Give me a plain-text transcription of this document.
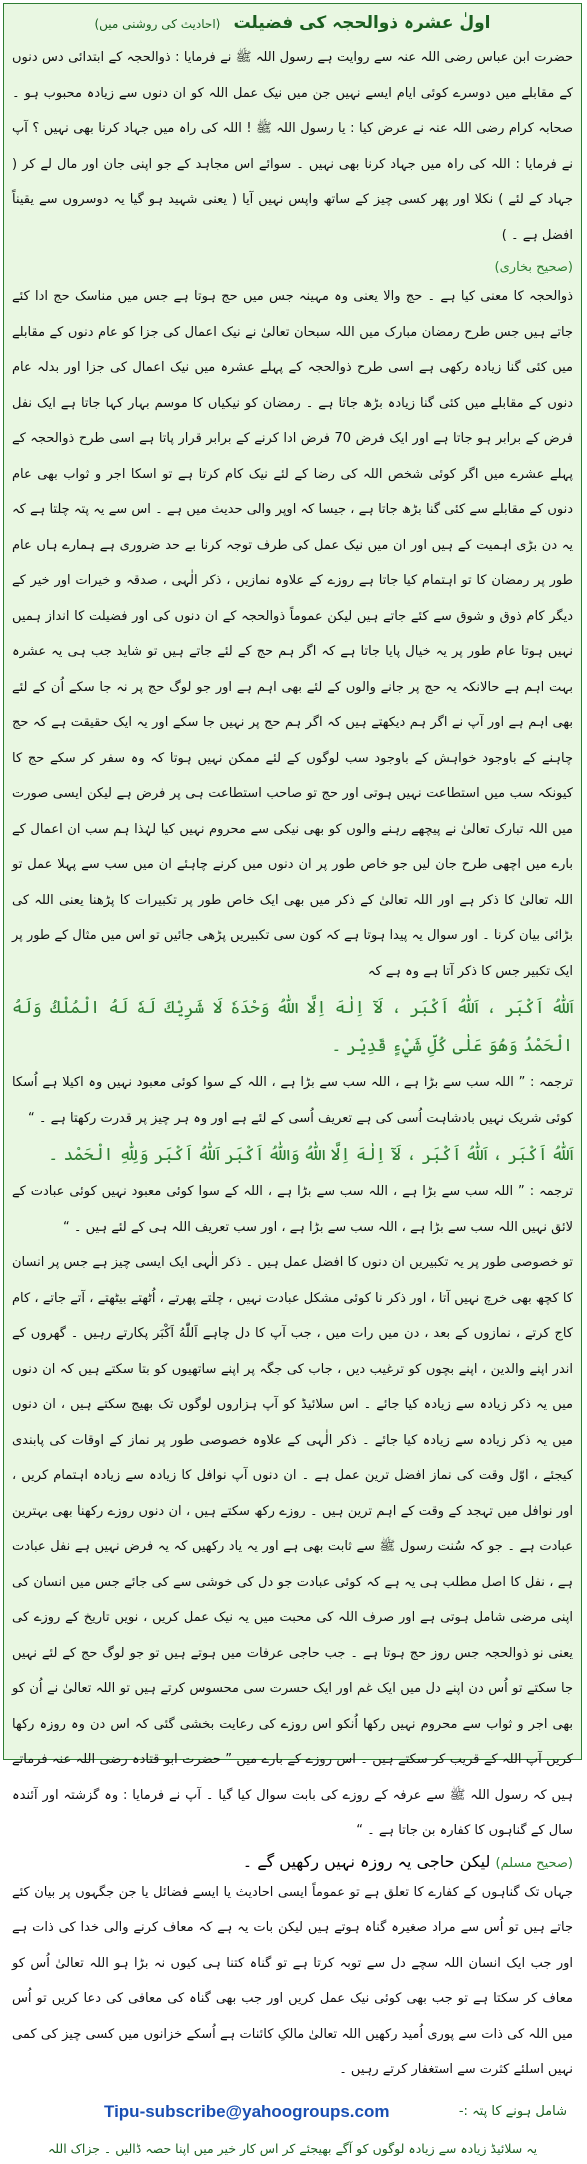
اولٰ عشرہ ذوالحجہ کی فضیلت (احادیث کی روشنی میں)

حضرت ابن عباس رضی اللہ عنہ سے روایت ہے رسول اللہ ﷺ نے فرمایا : ذوالحجہ کے ابتدائی دس دنوں کے مقابلے میں دوسرے کوئی ایام ایسے نہیں جن میں نیک عمل اللہ کو ان دنوں سے زیادہ محبوب ہو ۔ صحابہ کرام رضی اللہ عنہ نے عرض کیا : یا رسول اللہ ﷺ ! اللہ کی راہ میں جہاد کرنا بھی نہیں ؟ آپ نے فرمایا : اللہ کی راہ میں جہاد کرنا بھی نہیں ۔ سوائے اس مجاہد کے جو اپنی جان اور مال لے کر ( جہاد کے لئے ) نکلا اور پھر کسی چیز کے ساتھ واپس نہیں آیا ( یعنی شہید ہو گیا یہ دوسروں سے یقیناً افضل ہے ۔ )

(صحیح بخاری)

ذوالحجہ کا معنی کیا ہے ۔ حج والا یعنی وہ مہینہ جس میں حج ہوتا ہے جس میں مناسک حج ادا کئے جاتے ہیں جس طرح رمضان مبارک میں اللہ سبحان تعالیٰ نے نیک اعمال کی جزا کو عام دنوں کے مقابلے میں کئی گنا زیادہ رکھی ہے اسی طرح ذوالحجہ کے پہلے عشرہ میں نیک اعمال کی جزا اور بدلہ عام دنوں کے مقابلے میں کئی گنا زیادہ بڑھ جاتا ہے ۔ رمضان کو نیکیاں کا موسم بہار کہا جاتا ہے ایک نفل فرض کے برابر ہو جاتا ہے اور ایک فرض 70 فرض ادا کرنے کے برابر قرار پاتا ہے اسی طرح ذوالحجہ کے پہلے عشرے میں اگر کوئی شخص اللہ کی رضا کے لئے نیک کام کرتا ہے تو اسکا اجر و ثواب بھی عام دنوں کے مقابلے سے کئی گنا بڑھ جاتا ہے ، جیسا کہ اوپر والی حدیث میں ہے ۔ اس سے یہ پتہ چلتا ہے کہ یہ دن بڑی اہمیت کے ہیں اور ان میں نیک عمل کی طرف توجہ کرنا بے حد ضروری ہے ہمارے ہاں عام طور پر رمضان کا تو اہتمام کیا جاتا ہے روزے کے علاوہ نمازیں ، ذکر الٰہی ، صدقہ و خیرات اور خیر کے دیگر کام ذوق و شوق سے کئے جاتے ہیں لیکن عموماً ذوالحجہ کے ان دنوں کی اور فضیلت کا انداز ہمیں نہیں ہوتا عام طور پر یہ خیال پایا جاتا ہے کہ اگر ہم حج کے لئے جاتے ہیں تو شاید جب ہی یہ عشرہ بہت اہم ہے حالانکہ یہ حج پر جانے والوں کے لئے بھی اہم ہے اور جو لوگ حج پر نہ جا سکے اُن کے لئے بھی اہم ہے اور آپ نے اگر ہم دیکھتے ہیں کہ اگر ہم حج پر نہیں جا سکے اور یہ ایک حقیقت ہے کہ حج چاہنے کے باوجود خواہش کے باوجود سب لوگوں کے لئے ممکن نہیں ہوتا کہ وہ سفر کر سکے حج کا کیونکہ سب میں استطاعت نہیں ہوتی اور حج تو صاحب استطاعت ہی پر فرض ہے لیکن ایسی صورت میں اللہ تبارک تعالیٰ نے پیچھے رہنے والوں کو بھی نیکی سے محروم نہیں کیا لہٰذا ہم سب ان اعمال کے بارے میں اچھی طرح جان لیں جو خاص طور پر ان دنوں میں کرنے چاہئے ان میں سب سے پہلا عمل تو اللہ تعالیٰ کا ذکر ہے اور اللہ تعالیٰ کے ذکر میں بھی ایک خاص طور پر تکبیرات کا پڑھنا یعنی اللہ کی بڑائی بیان کرنا ۔ اور سوال یہ پیدا ہوتا ہے کہ کون سی تکبیریں پڑھی جائیں تو اس میں مثال کے طور پر ایک تکبیر جس کا ذکر آتا ہے وہ ہے کہ

اَللّٰهُ اَكْبَر ، اَللّٰهُ اَكْبَر ، لَآ اِلٰهَ اِلَّا اللّٰهُ وَحْدَهٗ لَا شَرِيْكَ لَهٗ لَهُ الْمُلْكُ وَلَهُ الْحَمْدُ وَهُوَ عَلٰى كُلِّ شَيْءٍ قَدِيْر ۔

ترجمہ : ” اللہ سب سے بڑا ہے ، اللہ سب سے بڑا ہے ، اللہ کے سوا کوئی معبود نہیں وہ اکیلا ہے اُسکا کوئی شریک نہیں بادشاہت اُسی کی ہے تعریف اُسی کے لئے ہے اور وہ ہر چیز پر قدرت رکھتا ہے ۔ “

اَللّٰهُ اَكْبَر ، اَللّٰهُ اَكْبَر ، لَآ اِلٰهَ اِلَّا اللّٰهُ وَاللّٰهُ اَكْبَر اَللّٰهُ اَكْبَر وَلِلّٰهِ الْحَمْد ۔

ترجمہ : ” اللہ سب سے بڑا ہے ، اللہ سب سے بڑا ہے ، اللہ کے سوا کوئی معبود نہیں کوئی عبادت کے لائق نہیں اللہ سب سے بڑا ہے ، اللہ سب سے بڑا ہے ، اور سب تعریف اللہ ہی کے لئے ہیں ۔ “

تو خصوصی طور پر یہ تکبیریں ان دنوں کا افضل عمل ہیں ۔ ذکر الٰہی ایک ایسی چیز ہے جس پر انسان کا کچھ بھی خرچ نہیں آتا ، اور ذکر نا کوئی مشکل عبادت نہیں ، چلتے پھرتے ، اُٹھتے بیٹھتے ، آتے جاتے ، کام کاج کرتے ، نمازوں کے بعد ، دن میں رات میں ، جب آپ کا دل چاہے اَللّٰهُ اَكْبَر پکارتے رہیں ۔ گھروں کے اندر اپنے والدین ، اپنے بچوں کو ترغیب دیں ، جاب کی جگہ پر اپنے ساتھیوں کو بتا سکتے ہیں کہ ان دنوں میں یہ ذکر زیادہ سے زیادہ کیا جائے ۔ اس سلائیڈ کو آپ ہزاروں لوگوں تک بھیج سکتے ہیں ، ان دنوں میں یہ ذکر زیادہ سے زیادہ کیا جائے ۔ ذکر الٰہی کے علاوہ خصوصی طور پر نماز کے اوقات کی پابندی کیجئے ، اوّل وقت کی نماز افضل ترین عمل ہے ۔ ان دنوں آپ نوافل کا زیادہ سے زیادہ اہتمام کریں ، اور نوافل میں تہجد کے وقت کے اہم ترین ہیں ۔ روزے رکھ سکتے ہیں ، ان دنوں روزے رکھنا بھی بہترین عبادت ہے ۔ جو کہ سُنت رسول ﷺ سے ثابت بھی ہے اور یہ یاد رکھیں کہ یہ فرض نہیں ہے نفل عبادت ہے ، نفل کا اصل مطلب ہی یہ ہے کہ کوئی عبادت جو دل کی خوشی سے کی جائے جس میں انسان کی اپنی مرضی شامل ہوتی ہے اور صرف اللہ کی محبت میں یہ نیک عمل کریں ، نویں تاریخ کے روزے کی یعنی نو ذوالحجہ جس روز حج ہوتا ہے ۔ جب حاجی عرفات میں ہوتے ہیں تو جو لوگ حج کے لئے نہیں جا سکتے تو اُس دن اپنے دل میں ایک غم اور ایک حسرت سی محسوس کرتے ہیں تو اللہ تعالیٰ نے اُن کو بھی اجر و ثواب سے محروم نہیں رکھا اُنکو اس روزے کی رعایت بخشی گئی کہ اس دن وہ روزہ رکھا کریں آپ اللہ کے قریب کر سکتے ہیں ۔ اس روزے کے بارے میں ” حضرت ابو قتادہ رضی اللہ عنہ فرماتے ہیں کہ رسول اللہ ﷺ سے عرفہ کے روزے کی بابت سوال کیا گیا ۔ آپ نے فرمایا : وہ گزشتہ اور آئندہ سال کے گناہوں کا کفارہ بن جاتا ہے ۔ “

(صحیح مسلم) لیکن حاجی یہ روزہ نہیں رکھیں گے ۔

جہاں تک گناہوں کے کفارے کا تعلق ہے تو عموماً ایسی احادیث یا ایسے فضائل یا جن جگہوں پر بیان کئے جاتے ہیں تو اُس سے مراد صغیرہ گناہ ہوتے ہیں لیکن بات یہ ہے کہ معاف کرنے والی خدا کی ذات ہے اور جب ایک انسان اللہ سچے دل سے توبہ کرتا ہے تو گناہ کتنا ہی کیوں نہ بڑا ہو اللہ تعالیٰ اُس کو معاف کر سکتا ہے تو جب بھی کوئی نیک عمل کریں اور جب بھی گناہ کی معافی کی دعا کریں تو اُس میں اللہ کی ذات سے پوری اُمید رکھیں اللہ تعالیٰ مالکِ کائنات ہے اُسکے خزانوں میں کسی چیز کی کمی نہیں اسلئے کثرت سے استغفار کرتے رہیں ۔

شامل ہونے کا پتہ :-
Tipu-subscribe@yahoogroups.com
یہ سلائیڈ زیادہ سے زیادہ لوگوں کو آگے بھیجئے کر اس کار خیر میں اپنا حصہ ڈالیں ۔ جزاک اللہ
